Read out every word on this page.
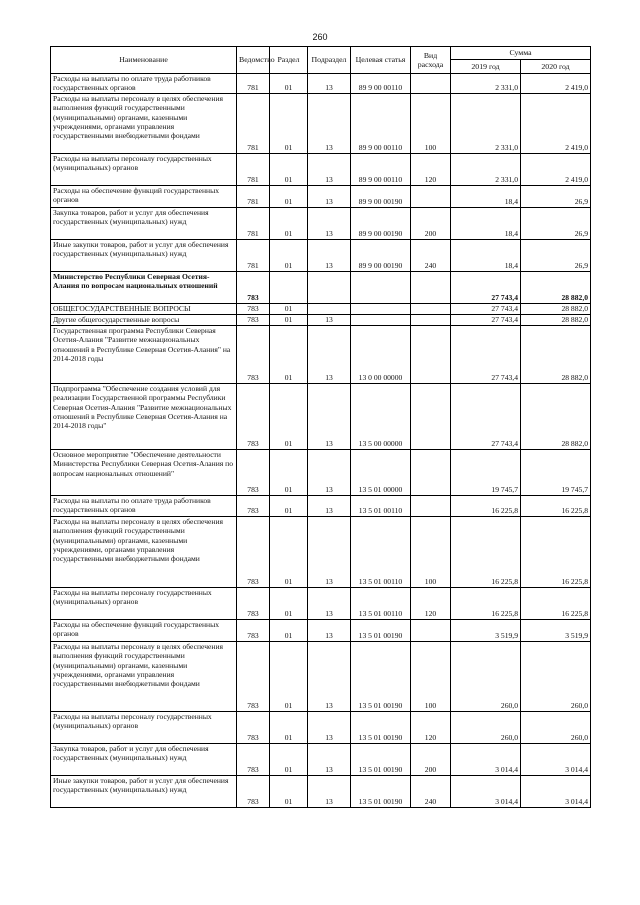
260
Наименование	Ведомство	Раздел	Подраздел	Целевая статья	Вид расхода	Сумма	
						2019 год	2020 год
Расходы на выплаты по оплате труда работников государственных органов	781	01	13	89 9 00 00110		2 331,0	2 419,0
Расходы на выплаты персоналу в целях обеспечения выполнения функций государственными (муниципальными) органами, казенными учреждениями, органами управления государственными внебюджетными фондами	781	01	13	89 9 00 00110	100	2 331,0	2 419,0
Расходы на выплаты персоналу государственных (муниципальных) органов	781	01	13	89 9 00 00110	120	2 331,0	2 419,0
Расходы на обеспечение функций государственных органов	781	01	13	89 9 00 00190		18,4	26,9
Закупка товаров, работ и услуг для обеспечения государственных (муниципальных) нужд	781	01	13	89 9 00 00190	200	18,4	26,9
Иные закупки товаров, работ и услуг для обеспечения государственных (муниципальных) нужд	781	01	13	89 9 00 00190	240	18,4	26,9
Министерство Республики Северная Осетия-Алания по вопросам национальных отношений	783					27 743,4	28 882,0
ОБЩЕГОСУДАРСТВЕННЫЕ ВОПРОСЫ	783	01				27 743,4	28 882,0
Другие общегосударственные вопросы	783	01	13			27 743,4	28 882,0
Государственная программа Республики Северная Осетия-Алания "Развитие межнациональных отношений в Республике Северная Осетия-Алания" на 2014-2018 годы	783	01	13	13 0 00 00000		27 743,4	28 882,0
Подпрограмма "Обеспечение создания условий для реализации Государственной программы Республики Северная Осетия-Алания "Развитие межнациональных отношений в Республике Северная Осетия-Алания на 2014-2018 годы"	783	01	13	13 5 00 00000		27 743,4	28 882,0
Основное мероприятие "Обеспечение деятельности Министерства Республики Северная Осетия-Алания по вопросам национальных отношений"	783	01	13	13 5 01 00000		19 745,7	19 745,7
Расходы на выплаты по оплате труда работников государственных органов	783	01	13	13 5 01 00110		16 225,8	16 225,8
Расходы на выплаты персоналу в целях обеспечения выполнения функций государственными (муниципальными) органами, казенными учреждениями, органами управления государственными внебюджетными фондами	783	01	13	13 5 01 00110	100	16 225,8	16 225,8
Расходы на выплаты персоналу государственных (муниципальных) органов	783	01	13	13 5 01 00110	120	16 225,8	16 225,8
Расходы на обеспечение функций государственных органов	783	01	13	13 5 01 00190		3 519,9	3 519,9
Расходы на выплаты персоналу в целях обеспечения выполнения функций государственными (муниципальными) органами, казенными учреждениями, органами управления государственными внебюджетными фондами	783	01	13	13 5 01 00190	100	260,0	260,0
Расходы на выплаты персоналу государственных (муниципальных) органов	783	01	13	13 5 01 00190	120	260,0	260,0
Закупка товаров, работ и услуг для обеспечения государственных (муниципальных) нужд	783	01	13	13 5 01 00190	200	3 014,4	3 014,4
Иные закупки товаров, работ и услуг для обеспечения государственных (муниципальных) нужд	783	01	13	13 5 01 00190	240	3 014,4	3 014,4
